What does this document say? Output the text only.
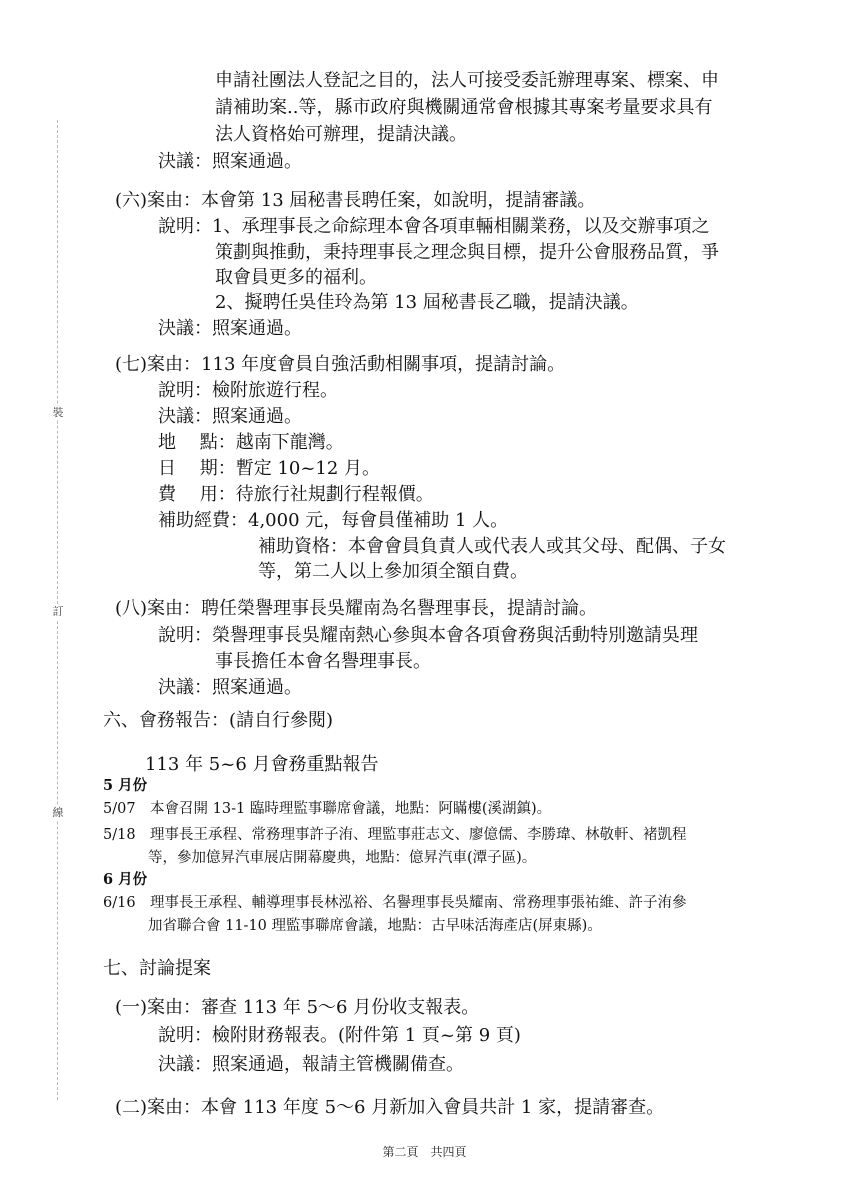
裝
訂
線
申請社團法人登記之目的，法人可接受委託辦理專案、標案、申
請補助案..等，縣市政府與機關通常會根據其專案考量要求具有
法人資格始可辦理，提請決議。
決議：照案通過。
(六)案由：本會第 13 屆秘書長聘任案，如說明，提請審議。
說明：1、承理事長之命綜理本會各項車輛相關業務，以及交辦事項之
策劃與推動，秉持理事長之理念與目標，提升公會服務品質，爭
取會員更多的福利。
2、擬聘任吳佳玲為第 13 屆秘書長乙職，提請決議。
決議：照案通過。
(七)案由：113 年度會員自強活動相關事項，提請討論。
說明：檢附旅遊行程。
決議：照案通過。
地　 點：越南下龍灣。
日　 期：暫定 10~12 月。
費　 用：待旅行社規劃行程報價。
補助經費：4,000 元，每會員僅補助 1 人。
補助資格：本會會員負責人或代表人或其父母、配偶、子女
等，第二人以上參加須全額自費。
(八)案由：聘任榮譽理事長吳耀南為名譽理事長，提請討論。
說明：榮譽理事長吳耀南熱心參與本會各項會務與活動特別邀請吳理
事長擔任本會名譽理事長。
決議：照案通過。
六、會務報告：(請自行參閱)
113 年 5~6 月會務重點報告
5 月份
5/07　本會召開 13-1 臨時理監事聯席會議，地點：阿瞞樓(溪湖鎮)。
5/18　理事長王承程、常務理事許子洧、理監事莊志文、廖億儒、李勝瑋、林敬軒、褚凱程
等，參加億昇汽車展店開幕慶典，地點：億昇汽車(潭子區)。
6 月份
6/16　理事長王承程、輔導理事長林泓裕、名譽理事長吳耀南、常務理事張祐維、許子洧參
加省聯合會 11-10 理監事聯席會議，地點：古早味活海產店(屏東縣)。
七、討論提案
(一)案由：審查 113 年 5～6 月份收支報表。
說明：檢附財務報表。(附件第 1 頁~第 9 頁)
決議：照案通過，報請主管機關備查。
(二)案由：本會 113 年度 5～6 月新加入會員共計 1 家，提請審查。
第二頁　共四頁
